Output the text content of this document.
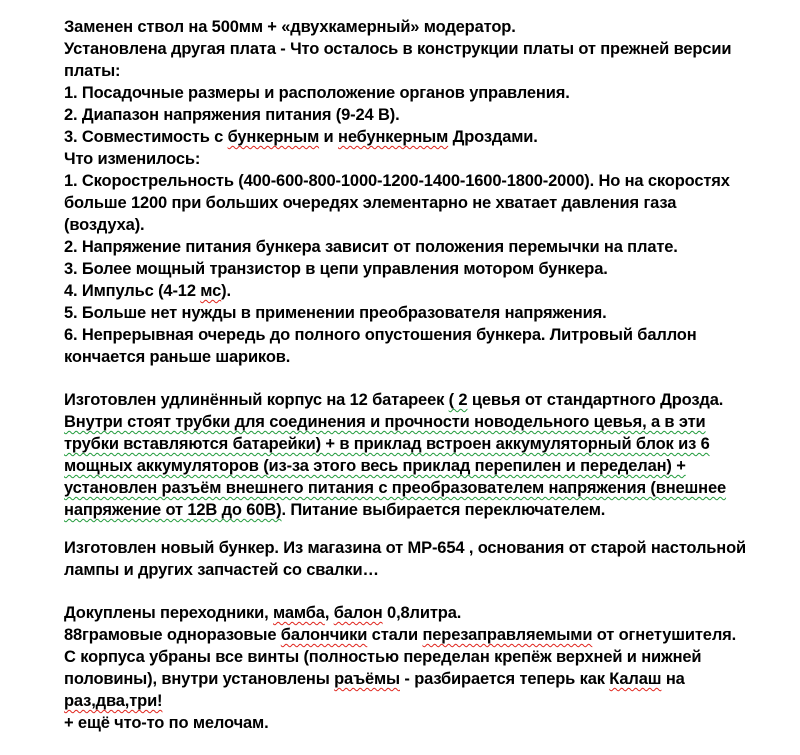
Заменен ствол на 500мм + «двухкамерный» модератор.
Установлена другая плата - Что осталось в конструкции платы от прежней версии
платы:
1. Посадочные размеры и расположение органов управления.
2. Диапазон напряжения питания (9-24 В).
3. Совместимость с бункерным и небункерным Дроздами.
Что изменилось:
1. Скорострельность (400-600-800-1000-1200-1400-1600-1800-2000). Но на скоростях
больше 1200 при больших очередях элементарно не хватает давления газа
(воздуха).
2. Напряжение питания бункера зависит от положения перемычки на плате.
3. Более мощный транзистор в цепи управления мотором бункера.
4. Импульс (4-12 мс).
5. Больше нет нужды в применении преобразователя напряжения.
6. Непрерывная очередь до полного опустошения бункера. Литровый баллон
кончается раньше шариков.
Изготовлен удлинённый корпус на 12 батареек ( 2 цевья от стандартного Дрозда.
Внутри стоят трубки для соединения и прочности новодельного цевья, а в эти
трубки вставляются батарейки) + в приклад встроен аккумуляторный блок из 6
мощных аккумуляторов (из-за этого весь приклад перепилен и переделан) +
установлен разъём внешнего питания с преобразователем напряжения (внешнее
напряжение от 12В до 60В). Питание выбирается переключателем.
Изготовлен новый бункер. Из магазина от МР-654 , основания от старой настольной
лампы и других запчастей со свалки…
Докуплены переходники, мамба, балон 0,8литра.
88грамовые одноразовые балончики стали перезаправляемыми от огнетушителя.
С корпуса убраны все винты (полностью переделан крепёж верхней и нижней
половины), внутри установлены раъёмы - разбирается теперь как Калаш на
раз,два,три!
+ ещё что-то по мелочам.
